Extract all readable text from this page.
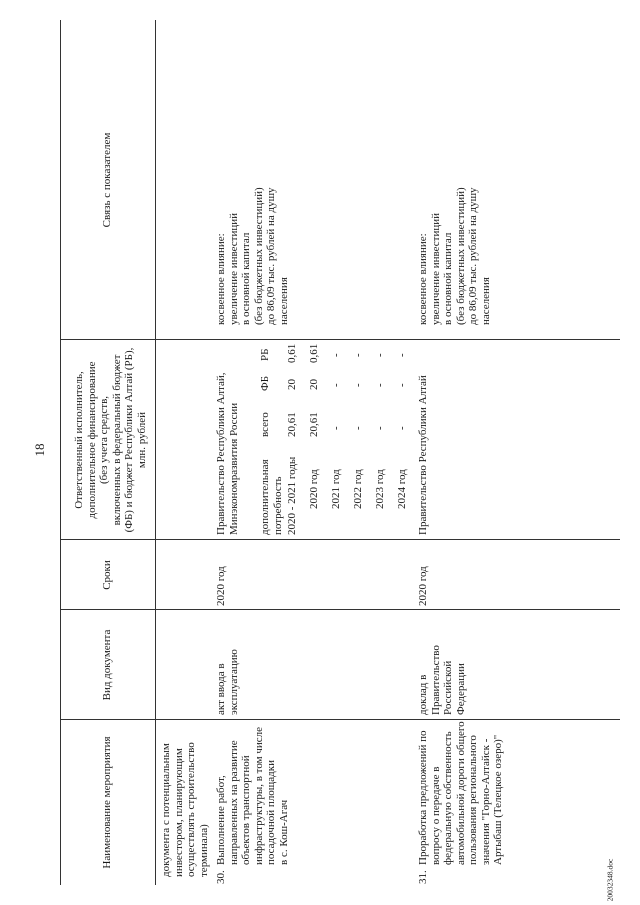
18
20032348.doc
Наименование мероприятия
Вид документа
Сроки
Ответственный исполнитель, дополнительное финансирование (без учета средств, включенных в федеральный бюджет (ФБ) и бюджет Республики Алтай (РБ), млн. рублей
Связь с показателем
документа с потенциальным инвестором, планирующим осуществлять строительство терминала)
30.
Выполнение работ, направленных на развитие объектов транспортной инфраструктуры, в том числе посадочной площадки в с. Кош-Агач
акт ввода в эксплуатацию
2020 год
Правительство Республики Алтай, Минэкономразвития России дополнительная потребность
всего
ФБ
РБ
2020 - 2021 годы
20,61
20
0,61
2020 год
20,61
20
0,61
2021 год
-
-
-
2022 год
-
-
-
2023 год
-
-
-
2024 год
-
-
-
косвенное влияние: увеличение инвестиций в основной капитал (без бюджетных инвестиций) до 86,09 тыс. рублей на душу населения
31.
Проработка предложений по вопросу о передаче в федеральную собственность автомобильной дороги общего пользования регионального значения "Горно-Алтайск - Артыбаш (Телецкое озеро)"
доклад в Правительство Российской Федерации
2020 год
Правительство Республики Алтай
косвенное влияние: увеличение инвестиций в основной капитал (без бюджетных инвестиций) до 86,09 тыс. рублей на душу населения
